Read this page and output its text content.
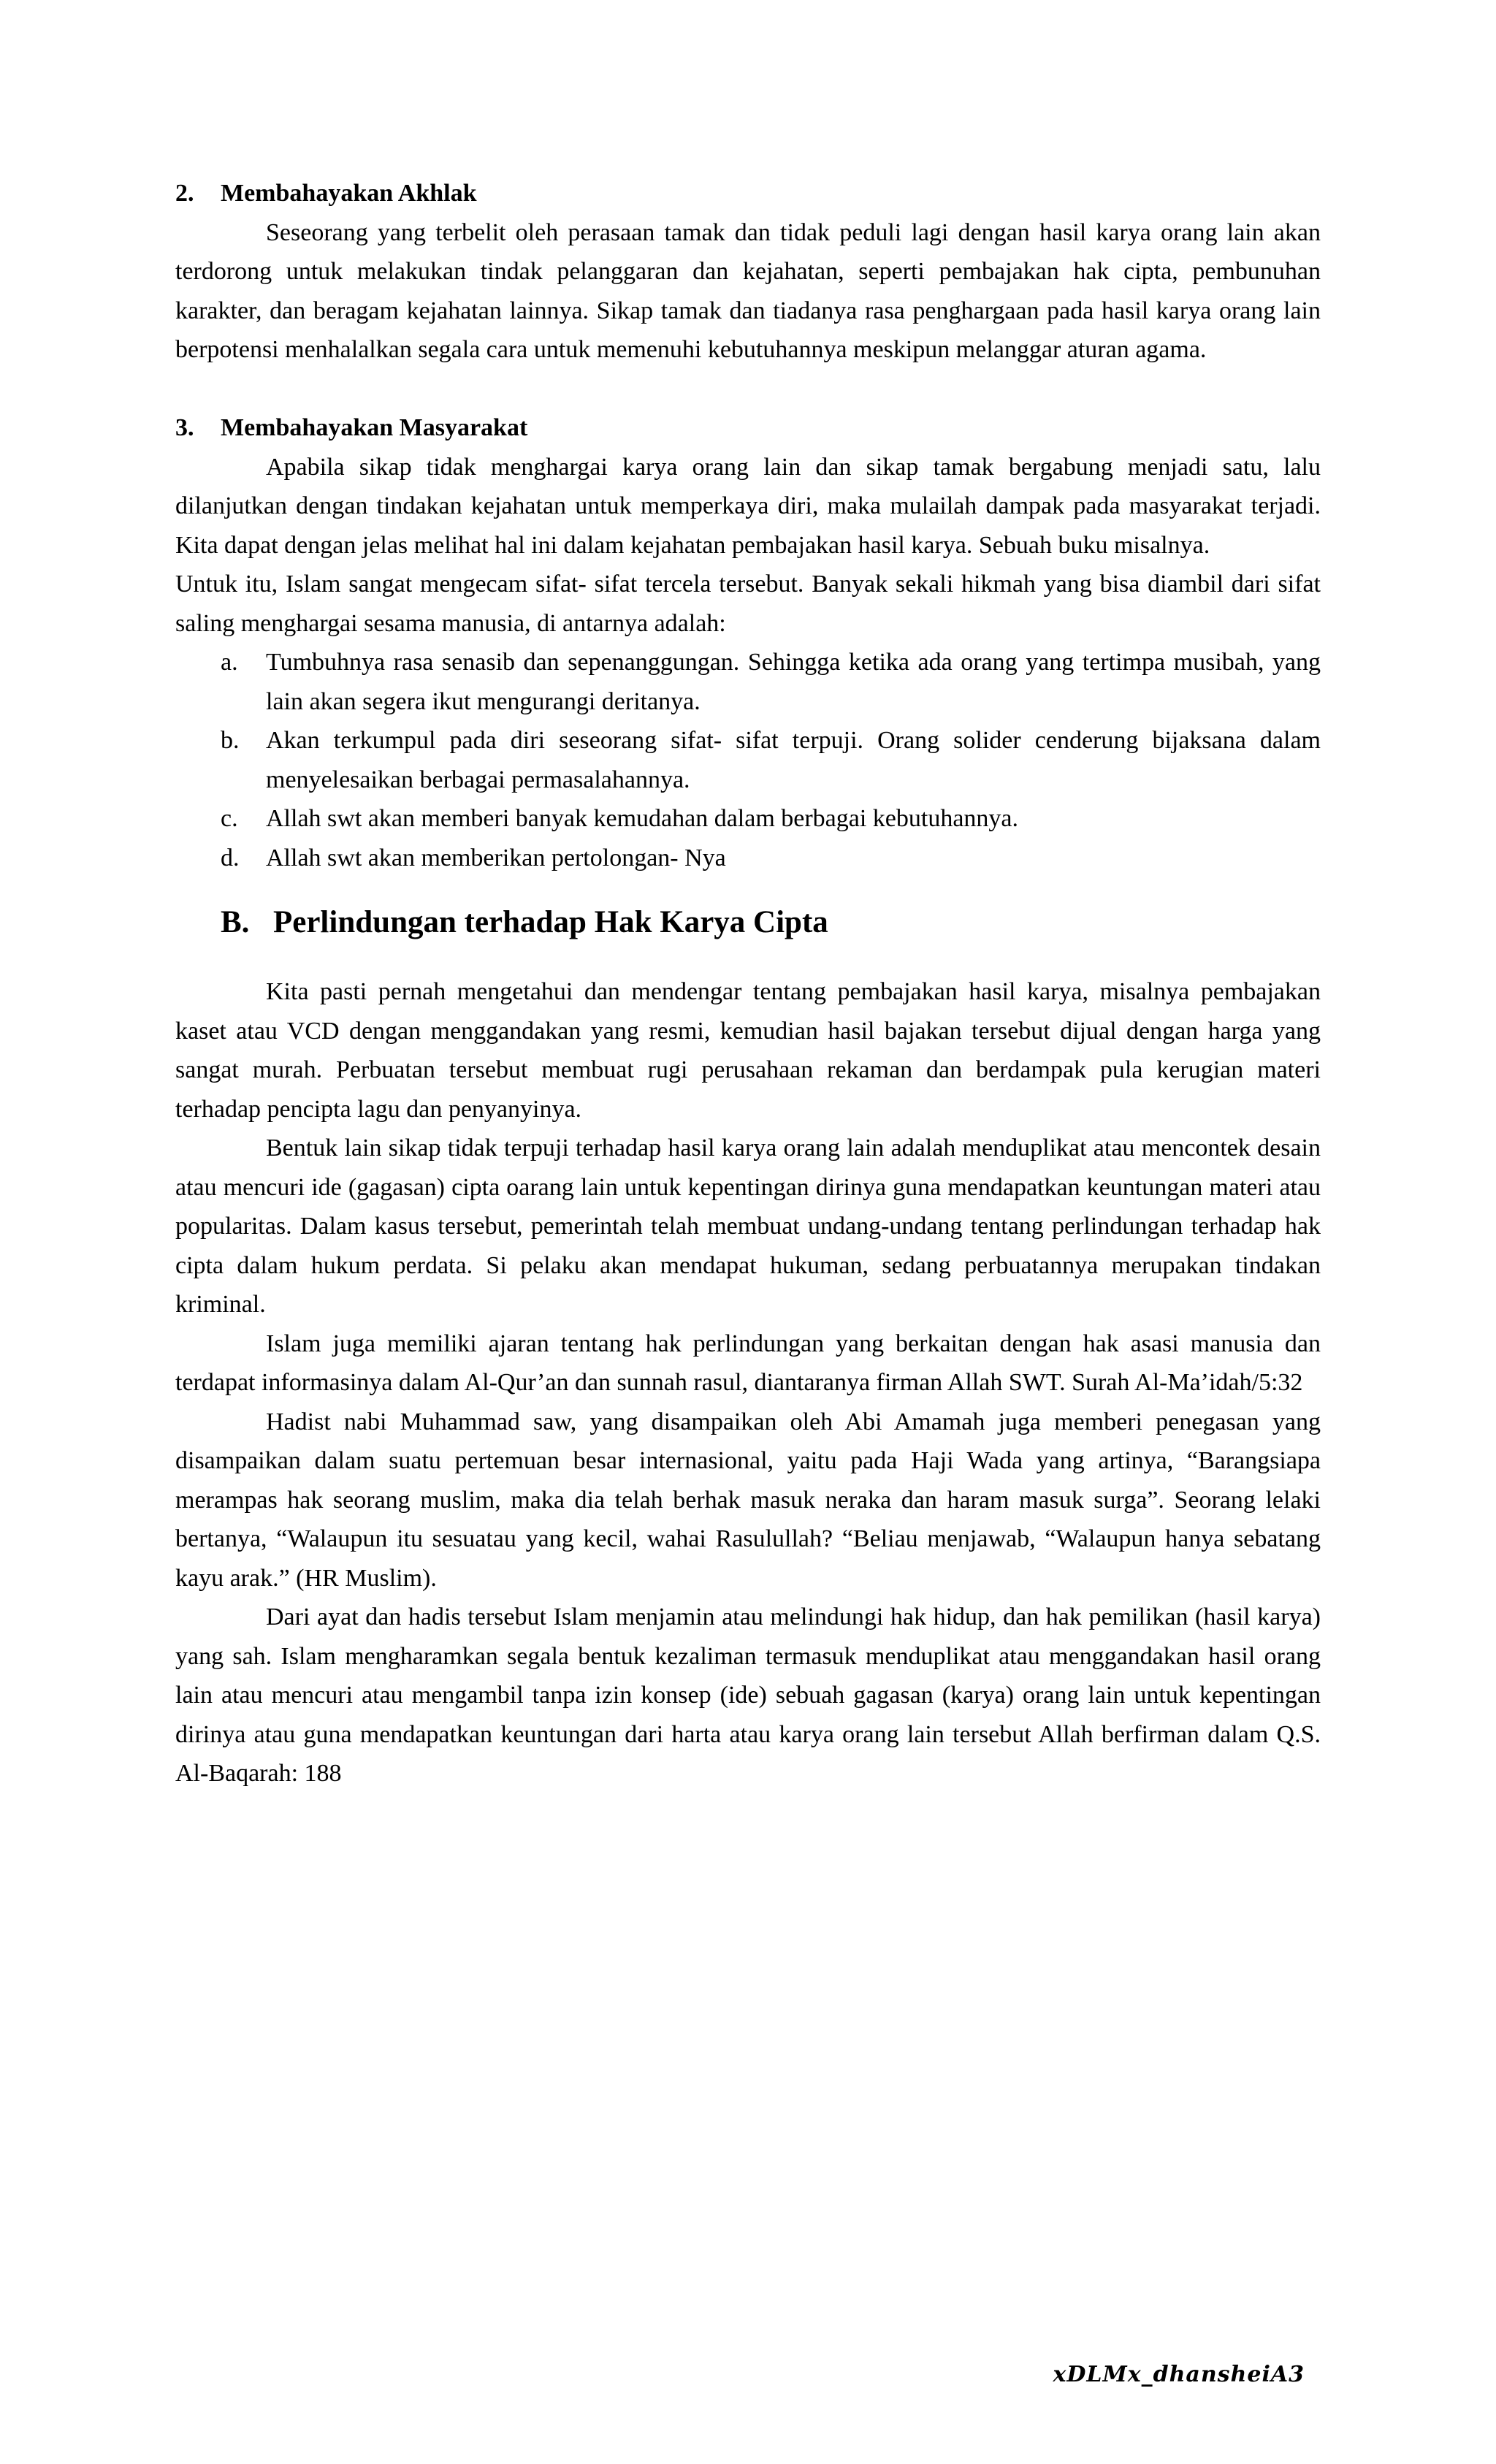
2. Membahayakan Akhlak

Seseorang yang terbelit oleh perasaan tamak dan tidak peduli lagi dengan hasil karya orang lain akan terdorong untuk melakukan tindak pelanggaran dan kejahatan, seperti pembajakan hak cipta, pembunuhan karakter, dan beragam kejahatan lainnya. Sikap tamak dan tiadanya rasa penghargaan pada hasil karya orang lain berpotensi menhalalkan segala cara untuk memenuhi kebutuhannya meskipun melanggar aturan agama.

3. Membahayakan Masyarakat

Apabila sikap tidak menghargai karya orang lain dan sikap tamak bergabung menjadi satu, lalu dilanjutkan dengan tindakan kejahatan untuk memperkaya diri, maka mulailah dampak pada masyarakat terjadi. Kita dapat dengan jelas melihat hal ini dalam kejahatan pembajakan hasil karya. Sebuah buku misalnya.

Untuk itu, Islam sangat mengecam sifat- sifat tercela tersebut. Banyak sekali hikmah yang bisa diambil dari sifat saling menghargai sesama manusia, di antarnya adalah:

a. Tumbuhnya rasa senasib dan sepenanggungan. Sehingga ketika ada orang yang tertimpa musibah, yang lain akan segera ikut mengurangi deritanya.
b. Akan terkumpul pada diri seseorang sifat- sifat terpuji. Orang solider cenderung bijaksana dalam menyelesaikan berbagai permasalahannya.
c. Allah swt akan memberi banyak kemudahan dalam berbagai kebutuhannya.
d. Allah swt akan memberikan pertolongan- Nya
B. Perlindungan terhadap Hak Karya Cipta

Kita pasti pernah mengetahui dan mendengar tentang pembajakan hasil karya, misalnya pembajakan kaset atau VCD dengan menggandakan yang resmi, kemudian hasil bajakan tersebut dijual dengan harga yang sangat murah. Perbuatan tersebut membuat rugi perusahaan rekaman dan berdampak pula kerugian materi terhadap pencipta lagu dan penyanyinya.

Bentuk lain sikap tidak terpuji terhadap hasil karya orang lain adalah menduplikat atau mencontek desain atau mencuri ide (gagasan) cipta oarang lain untuk kepentingan dirinya guna mendapatkan keuntungan materi atau popularitas. Dalam kasus tersebut, pemerintah telah membuat undang-undang tentang perlindungan terhadap hak cipta dalam hukum perdata. Si pelaku akan mendapat hukuman, sedang perbuatannya merupakan tindakan kriminal.

Islam juga memiliki ajaran tentang hak perlindungan yang berkaitan dengan hak asasi manusia dan terdapat informasinya dalam Al-Qur’an dan sunnah rasul, diantaranya firman Allah SWT. Surah Al-Ma’idah/5:32

Hadist nabi Muhammad saw, yang disampaikan oleh Abi Amamah juga memberi penegasan yang disampaikan dalam suatu pertemuan besar internasional, yaitu pada Haji Wada yang artinya, “Barangsiapa merampas hak seorang muslim, maka dia telah berhak masuk neraka dan haram masuk surga”. Seorang lelaki bertanya, “Walaupun itu sesuatau yang kecil, wahai Rasulullah? “Beliau menjawab, “Walaupun hanya sebatang kayu arak.” (HR Muslim).

Dari ayat dan hadis tersebut Islam menjamin atau melindungi hak hidup, dan hak pemilikan (hasil karya) yang sah. Islam mengharamkan segala bentuk kezaliman termasuk menduplikat atau menggandakan hasil orang lain atau mencuri atau mengambil tanpa izin konsep (ide) sebuah gagasan (karya) orang lain untuk kepentingan dirinya atau guna mendapatkan keuntungan dari harta atau karya orang lain tersebut Allah berfirman dalam Q.S. Al-Baqarah: 188

xDLMx_dhansheiA3
